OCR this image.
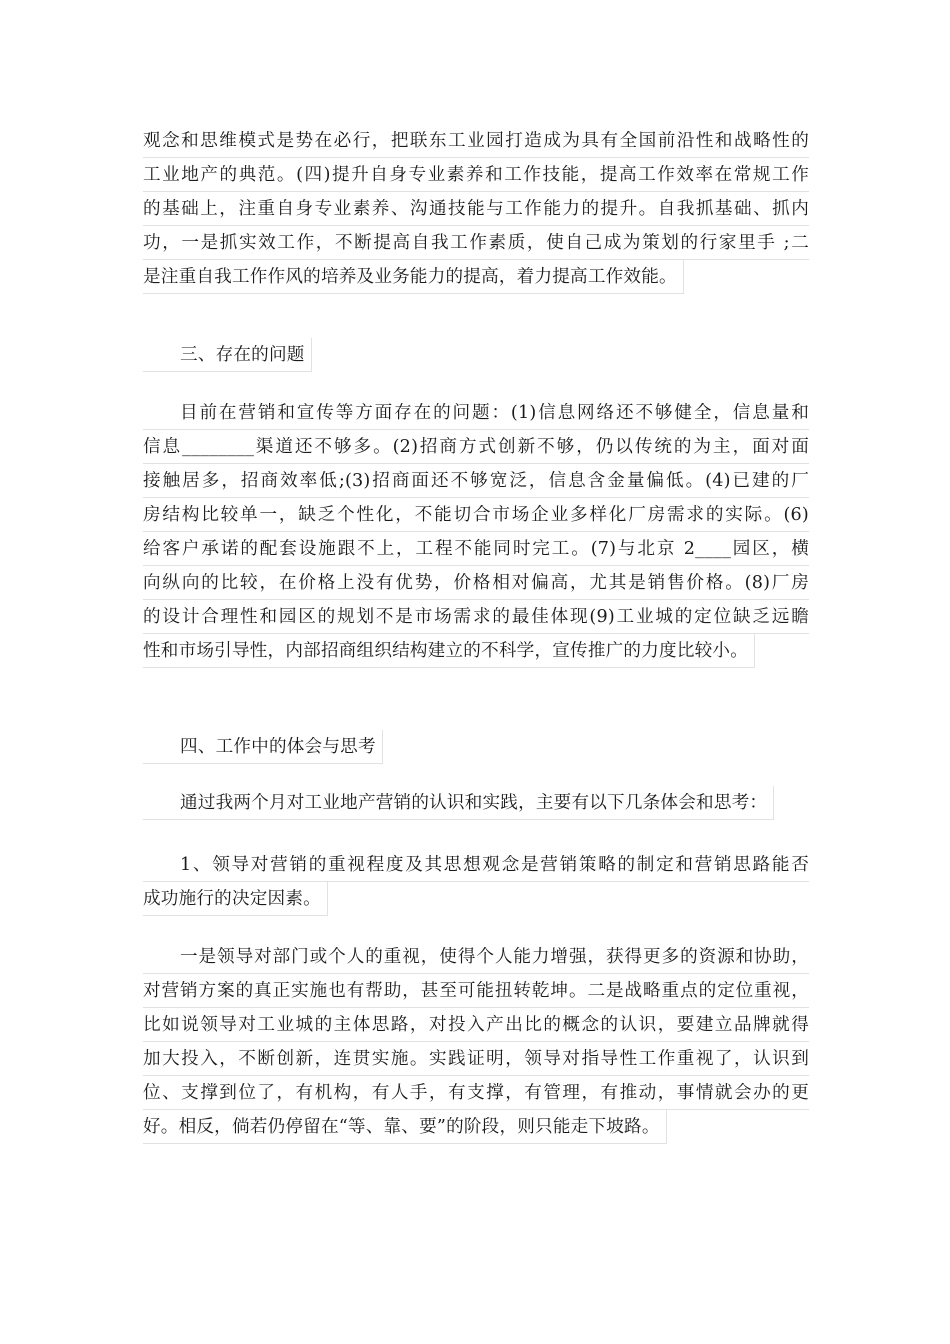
观念和思维模式是势在必行，把联东工业园打造成为具有全国前沿性和战略性的
工业地产的典范。(四)提升自身专业素养和工作技能，提高工作效率在常规工作
的基础上，注重自身专业素养、沟通技能与工作能力的提升。自我抓基础、抓内
功，一是抓实效工作，不断提高自我工作素质，使自己成为策划的行家里手 ;二
是注重自我工作作风的培养及业务能力的提高，着力提高工作效能。
三、存在的问题
目前在营销和宣传等方面存在的问题：(1)信息网络还不够健全，信息量和
信息________渠道还不够多。(2)招商方式创新不够，仍以传统的为主，面对面
接触居多，招商效率低;(3)招商面还不够宽泛，信息含金量偏低。(4)已建的厂
房结构比较单一，缺乏个性化，不能切合市场企业多样化厂房需求的实际。(6)
给客户承诺的配套设施跟不上，工程不能同时完工。(7)与北京 2____园区，横
向纵向的比较，在价格上没有优势，价格相对偏高，尤其是销售价格。(8)厂房
的设计合理性和园区的规划不是市场需求的最佳体现(9)工业城的定位缺乏远瞻
性和市场引导性，内部招商组织结构建立的不科学，宣传推广的力度比较小。
四、工作中的体会与思考
通过我两个月对工业地产营销的认识和实践，主要有以下几条体会和思考：
1、领导对营销的重视程度及其思想观念是营销策略的制定和营销思路能否
成功施行的决定因素。
一是领导对部门或个人的重视，使得个人能力增强，获得更多的资源和协助，
对营销方案的真正实施也有帮助，甚至可能扭转乾坤。二是战略重点的定位重视，
比如说领导对工业城的主体思路，对投入产出比的概念的认识，要建立品牌就得
加大投入，不断创新，连贯实施。实践证明，领导对指导性工作重视了，认识到
位、支撑到位了，有机构，有人手，有支撑，有管理，有推动，事情就会办的更
好。相反，倘若仍停留在“等、靠、要”的阶段，则只能走下坡路。
